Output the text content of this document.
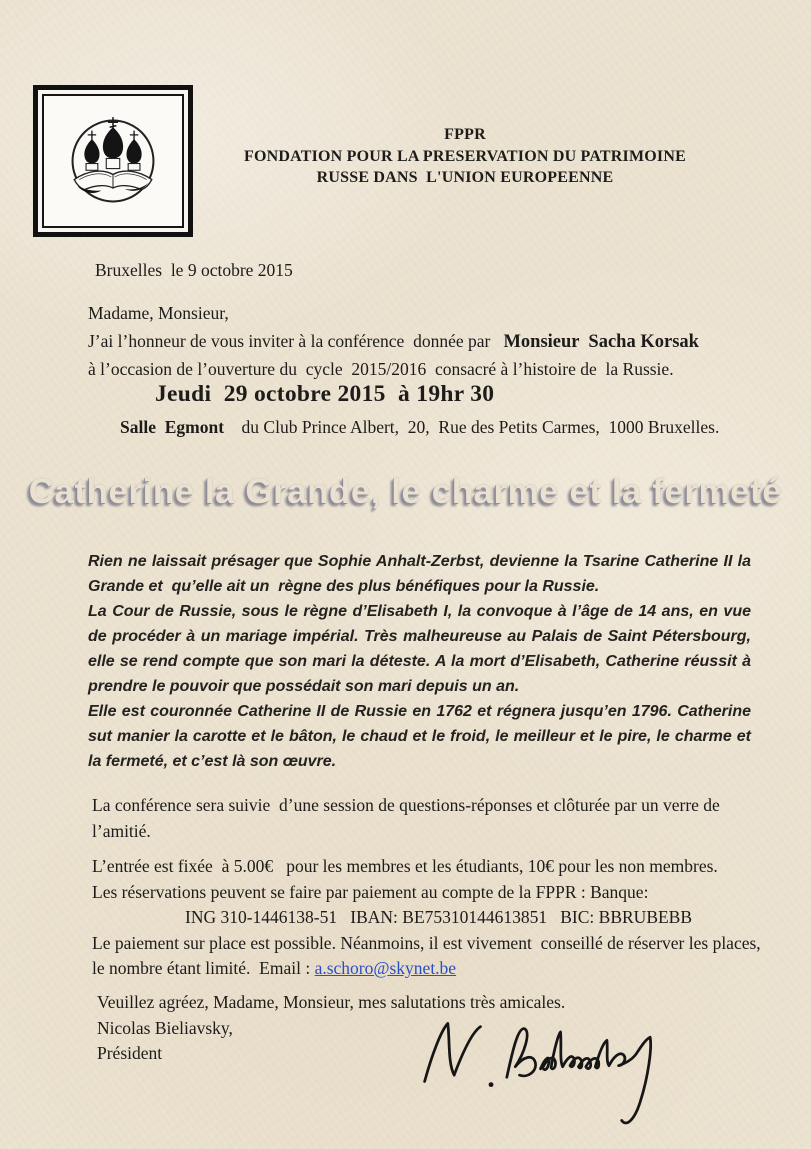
FPPR
FONDATION POUR LA PRESERVATION DU PATRIMOINE
RUSSE DANS  L'UNION EUROPEENNE
Bruxelles  le 9 octobre 2015
Madame, Monsieur,
J’ai l’honneur de vous inviter à la conférence  donnée par   Monsieur  Sacha Korsak
à l’occasion de l’ouverture du  cycle  2015/2016  consacré à l’histoire de  la Russie.
Jeudi  29 octobre 2015  à 19hr 30
Salle  Egmont    du Club Prince Albert,  20,  Rue des Petits Carmes,  1000 Bruxelles.
Catherine la Grande, le charme et la fermeté

Rien ne laissait présager que Sophie Anhalt-Zerbst, devienne la Tsarine Catherine II la Grande et  qu’elle ait un  règne des plus bénéfiques pour la Russie.

La Cour de Russie, sous le règne d’Elisabeth I, la convoque à l’âge de 14 ans, en vue de procéder à un mariage impérial. Très malheureuse au Palais de Saint Pétersbourg, elle se rend compte que son mari la déteste. A la mort d’Elisabeth, Catherine réussit à prendre le pouvoir que possédait son mari depuis un an.

Elle est couronnée Catherine II de Russie en 1762 et régnera jusqu’en 1796. Catherine sut manier la carotte et le bâton, le chaud et le froid, le meilleur et le pire, le charme et la fermeté, et c’est là son œuvre.

La conférence sera suivie  d’une session de questions-réponses et clôturée par un verre de l’amitié.
L’entrée est fixée  à 5.00€   pour les membres et les étudiants, 10€ pour les non membres.
Les réservations peuvent se faire par paiement au compte de la FPPR : Banque:
ING 310-1446138-51   IBAN: BE75310144613851   BIC: BBRUBEBB
Le paiement sur place est possible. Néanmoins, il est vivement  conseillé de réserver les places, le nombre étant limité.  Email : a.schoro@skynet.be
Veuillez agréez, Madame, Monsieur, mes salutations très amicales.
Nicolas Bieliavsky,
Président
